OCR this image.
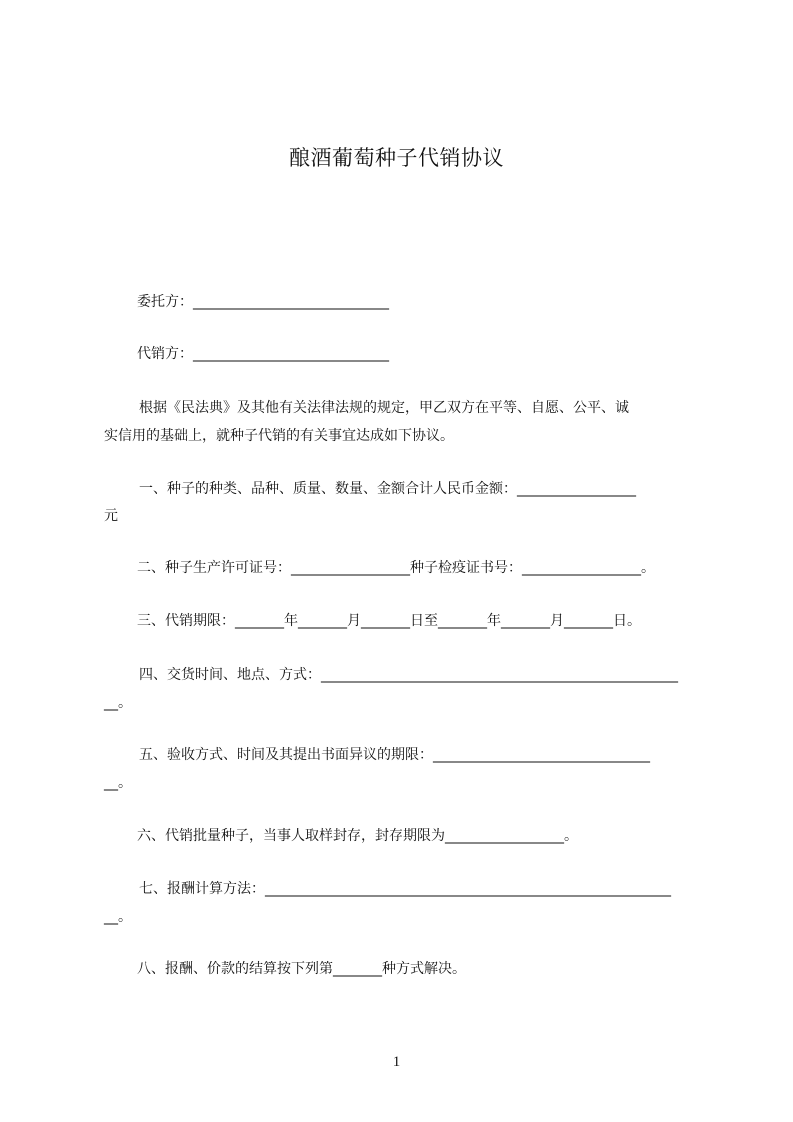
酿酒葡萄种子代销协议
委托方：____________________________
代销方：____________________________
根据《民法典》及其他有关法律法规的规定，甲乙双方在平等、自愿、公平、诚
实信用的基础上，就种子代销的有关事宜达成如下协议。
一、种子的种类、品种、质量、数量、金额合计人民币金额：_________________
元
二、种子生产许可证号：_________________种子检疫证书号：_________________。
三、代销期限：_______年_______月_______日至_______年_______月_______日。
四、交货时间、地点、方式：___________________________________________________
__。
五、验收方式、时间及其提出书面异议的期限：_______________________________
__。
六、代销批量种子，当事人取样封存，封存期限为_________________。
七、报酬计算方法：__________________________________________________________
__。
八、报酬、价款的结算按下列第_______种方式解决。
1
